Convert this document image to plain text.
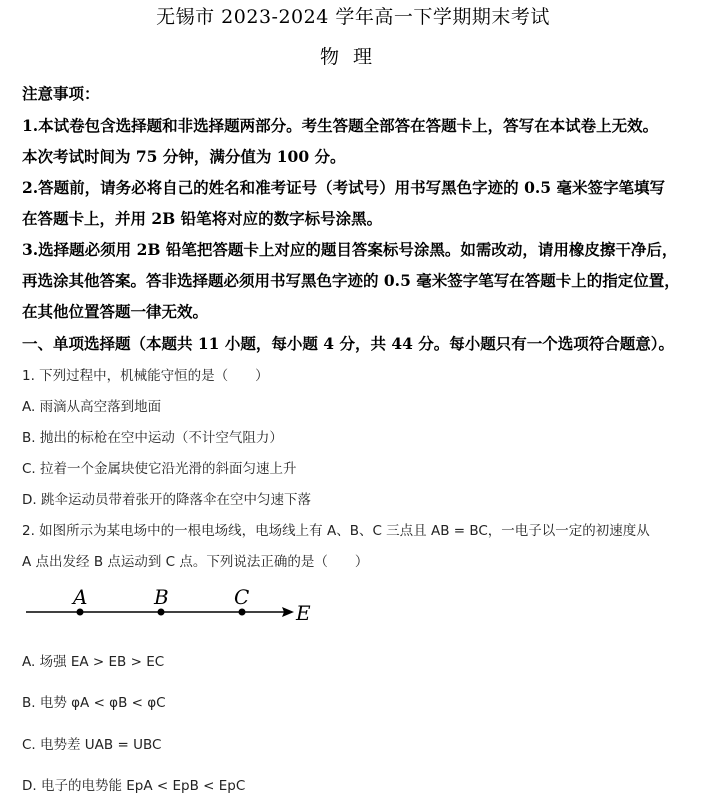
无锡市 2023-2024 学年高一下学期期末考试
物理
注意事项：
1.本试卷包含选择题和非选择题两部分。考生答题全部答在答题卡上，答写在本试卷上无效。
本次考试时间为 75 分钟，满分值为 100 分。
2.答题前，请务必将自己的姓名和准考证号（考试号）用书写黑色字迹的 0.5 毫米签字笔填写
在答题卡上，并用 2B 铅笔将对应的数字标号涂黑。
3.选择题必须用 2B 铅笔把答题卡上对应的题目答案标号涂黑。如需改动，请用橡皮擦干净后，
再选涂其他答案。答非选择题必须用书写黑色字迹的 0.5 毫米签字笔写在答题卡上的指定位置，
在其他位置答题一律无效。
一、单项选择题（本题共 11 小题，每小题 4 分，共 44 分。每小题只有一个选项符合题意）。
1. 下列过程中，机械能守恒的是（　　）
A. 雨滴从高空落到地面
B. 抛出的标枪在空中运动（不计空气阻力）
C. 拉着一个金属块使它沿光滑的斜面匀速上升
D. 跳伞运动员带着张开的降落伞在空中匀速下落
2. 如图所示为某电场中的一根电场线，电场线上有 A、B、C 三点且 AB = BC，一电子以一定的初速度从
A 点出发经 B 点运动到 C 点。下列说法正确的是（　　）
A	B	C
E
A. 场强 EA > EB > EC
B. 电势 φA < φB < φC
C. 电势差 UAB = UBC
D. 电子的电势能 EpA < EpB < EpC
